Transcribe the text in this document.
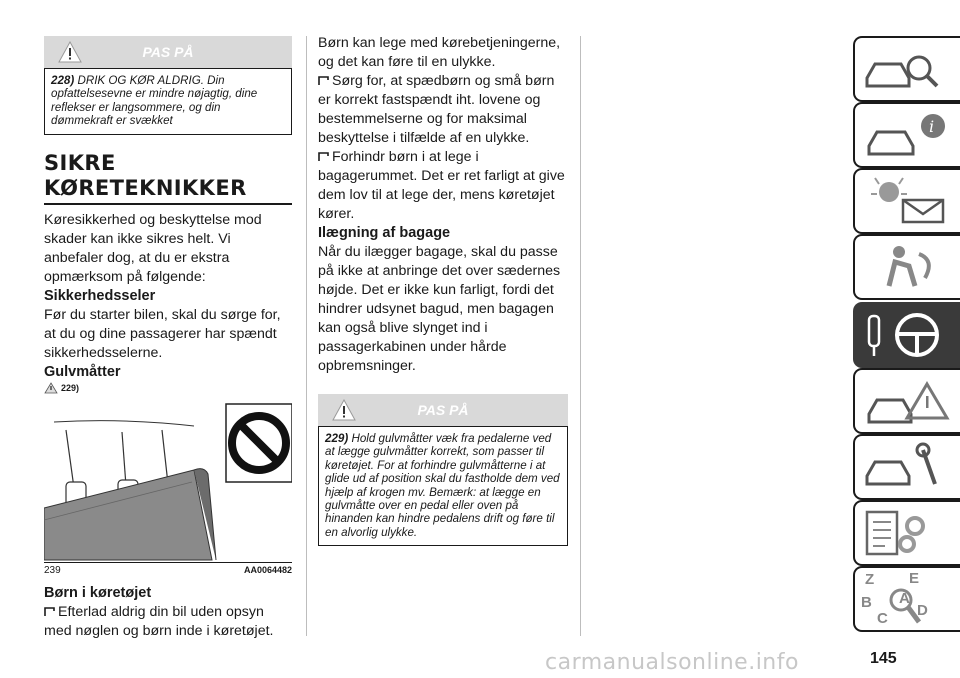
PAS PÅ
228) DRIK OG KØR ALDRIG. Din opfattelsesevne er mindre nøjagtig, dine reflekser er langsommere, og din dømmekraft er svækket
SIKRE
KØRETEKNIKKER
Køresikkerhed og beskyttelse mod skader kan ikke sikres helt. Vi anbefaler dog, at du er ekstra opmærksom på følgende:
Sikkerhedsseler
Før du starter bilen, skal du sørge for, at du og dine passagerer har spændt sikkerhedsselerne.
Gulvmåtter
229)
239	AA0064482
Børn i køretøjet
Efterlad aldrig din bil uden opsyn med nøglen og børn inde i køretøjet.
Børn kan lege med kørebetjeningerne, og det kan føre til en ulykke.
Sørg for, at spædbørn og små børn er korrekt fastspændt iht. lovene og bestemmelserne og for maksimal beskyttelse i tilfælde af en ulykke.
Forhindr børn i at lege i bagagerummet. Det er ret farligt at give dem lov til at lege der, mens køretøjet kører.
Ilægning af bagage
Når du ilægger bagage, skal du passe på ikke at anbringe det over sædernes højde. Det er ikke kun farligt, fordi det hindrer udsynet bagud, men bagagen kan også blive slynget ind i passagerkabinen under hårde opbremsninger.
PAS PÅ
229) Hold gulvmåtter væk fra pedalerne ved at lægge gulvmåtter korrekt, som passer til køretøjet. For at forhindre gulvmåtterne i at glide ud af position skal du fastholde dem ved hjælp af krogen mv. Bemærk: at lægge en gulvmåtte over en pedal eller oven på hinanden kan hindre pedalens drift og føre til en alvorlig ulykke.
i
Z E
B A
C D
carmanualsonline.info	145
